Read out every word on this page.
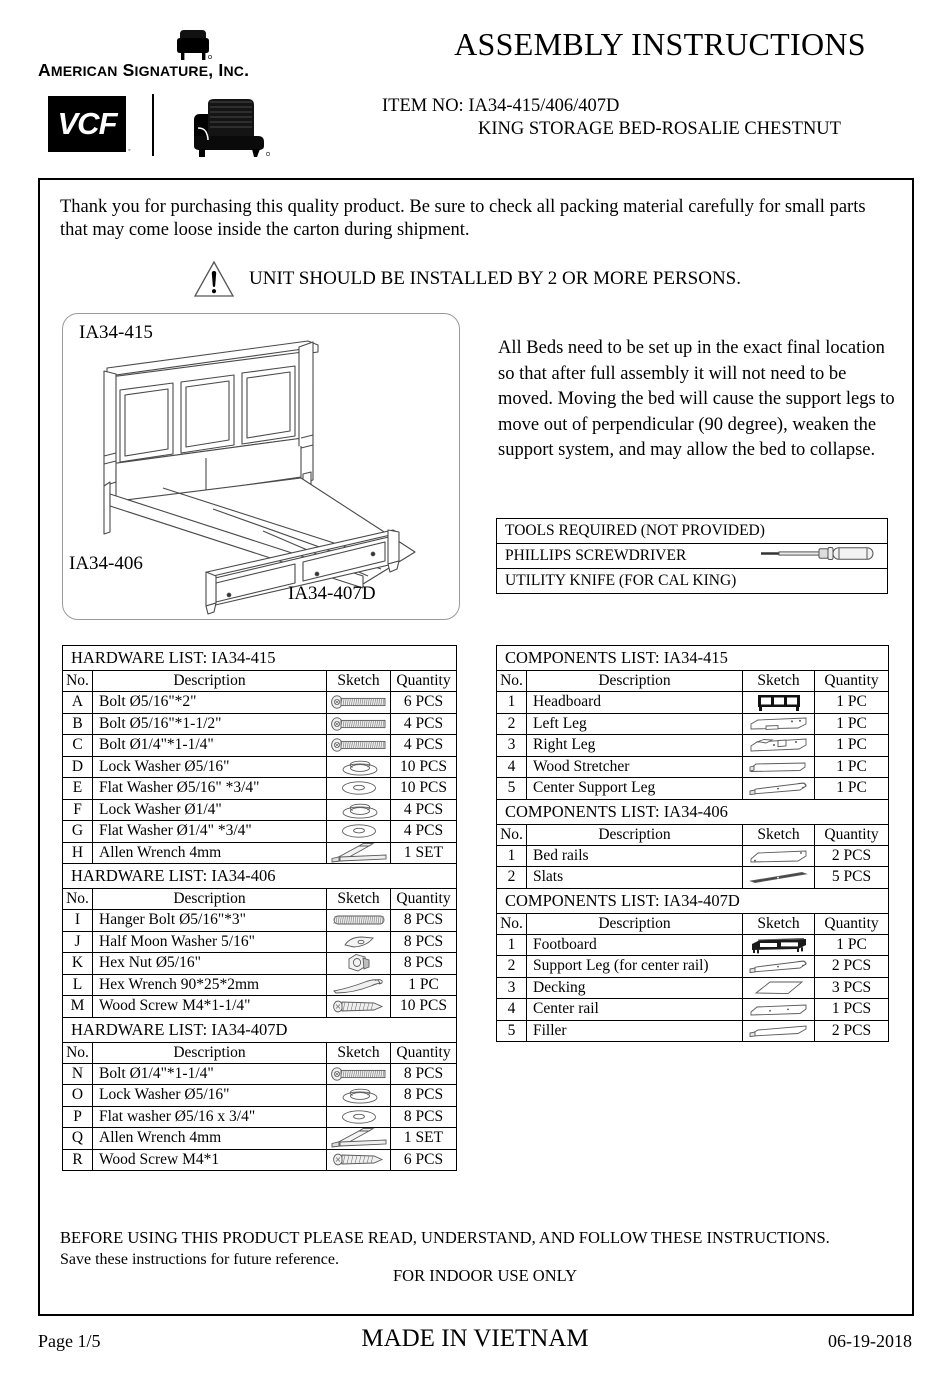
AMERICAN SIGNATURE, INC.
VCF
◦
ASSEMBLY INSTRUCTIONS
ITEM NO: IA34-415/406/407D
KING STORAGE BED-ROSALIE CHESTNUT
Thank you for purchasing this quality product. Be sure to check all packing material carefully for small parts that may come loose inside the carton during shipment.
UNIT SHOULD BE INSTALLED BY 2 OR MORE PERSONS.
IA34-415
IA34-406
IA34-407D
All Beds need to be set up in the exact final location so that after full assembly it will not need to be moved. Moving the bed will cause the support legs to move out of perpendicular (90 degree), weaken the support system, and may allow the bed to collapse.
TOOLS REQUIRED (NOT PROVIDED)
PHILLIPS SCREWDRIVER

UTILITY KNIFE (FOR CAL KING)
HARDWARE LIST: IA34-415			
No.	Description	Sketch	Quantity
A	Bolt Ø5/16"*2"		6 PCS
B	Bolt Ø5/16"*1-1/2"		4 PCS
C	Bolt Ø1/4"*1-1/4"		4 PCS
D	Lock Washer Ø5/16"		10 PCS
E	Flat Washer Ø5/16" *3/4"		10 PCS
F	Lock Washer Ø1/4"		4 PCS
G	Flat Washer Ø1/4" *3/4"		4 PCS
H	Allen Wrench 4mm		1 SET
HARDWARE LIST: IA34-406			
No.	Description	Sketch	Quantity
I	Hanger Bolt Ø5/16"*3"		8 PCS
J	Half Moon Washer 5/16"		8 PCS
K	Hex Nut Ø5/16"		8 PCS
L	Hex Wrench 90*25*2mm		1 PC
M	Wood Screw M4*1-1/4"		10 PCS
HARDWARE LIST: IA34-407D			
No.	Description	Sketch	Quantity
N	Bolt Ø1/4"*1-1/4"		8 PCS
O	Lock Washer Ø5/16"		8 PCS
P	Flat washer Ø5/16 x 3/4"		8 PCS
Q	Allen Wrench 4mm		1 SET
R	Wood Screw M4*1		6 PCS
COMPONENTS LIST: IA34-415			
No.	Description	Sketch	Quantity
1	Headboard		1 PC
2	Left Leg		1 PC
3	Right Leg		1 PC
4	Wood Stretcher		1 PC
5	Center Support Leg		1 PC
COMPONENTS LIST: IA34-406			
No.	Description	Sketch	Quantity
1	Bed rails		2 PCS
2	Slats		5 PCS
COMPONENTS LIST: IA34-407D			
No.	Description	Sketch	Quantity
1	Footboard		1 PC
2	Support Leg (for center rail)		2 PCS
3	Decking		3 PCS
4	Center rail		1 PCS
5	Filler		2 PCS
BEFORE USING THIS PRODUCT PLEASE READ, UNDERSTAND, AND FOLLOW THESE INSTRUCTIONS.
Save these instructions for future reference.
FOR INDOOR USE ONLY
Page 1/5	MADE IN VIETNAM	06-19-2018
